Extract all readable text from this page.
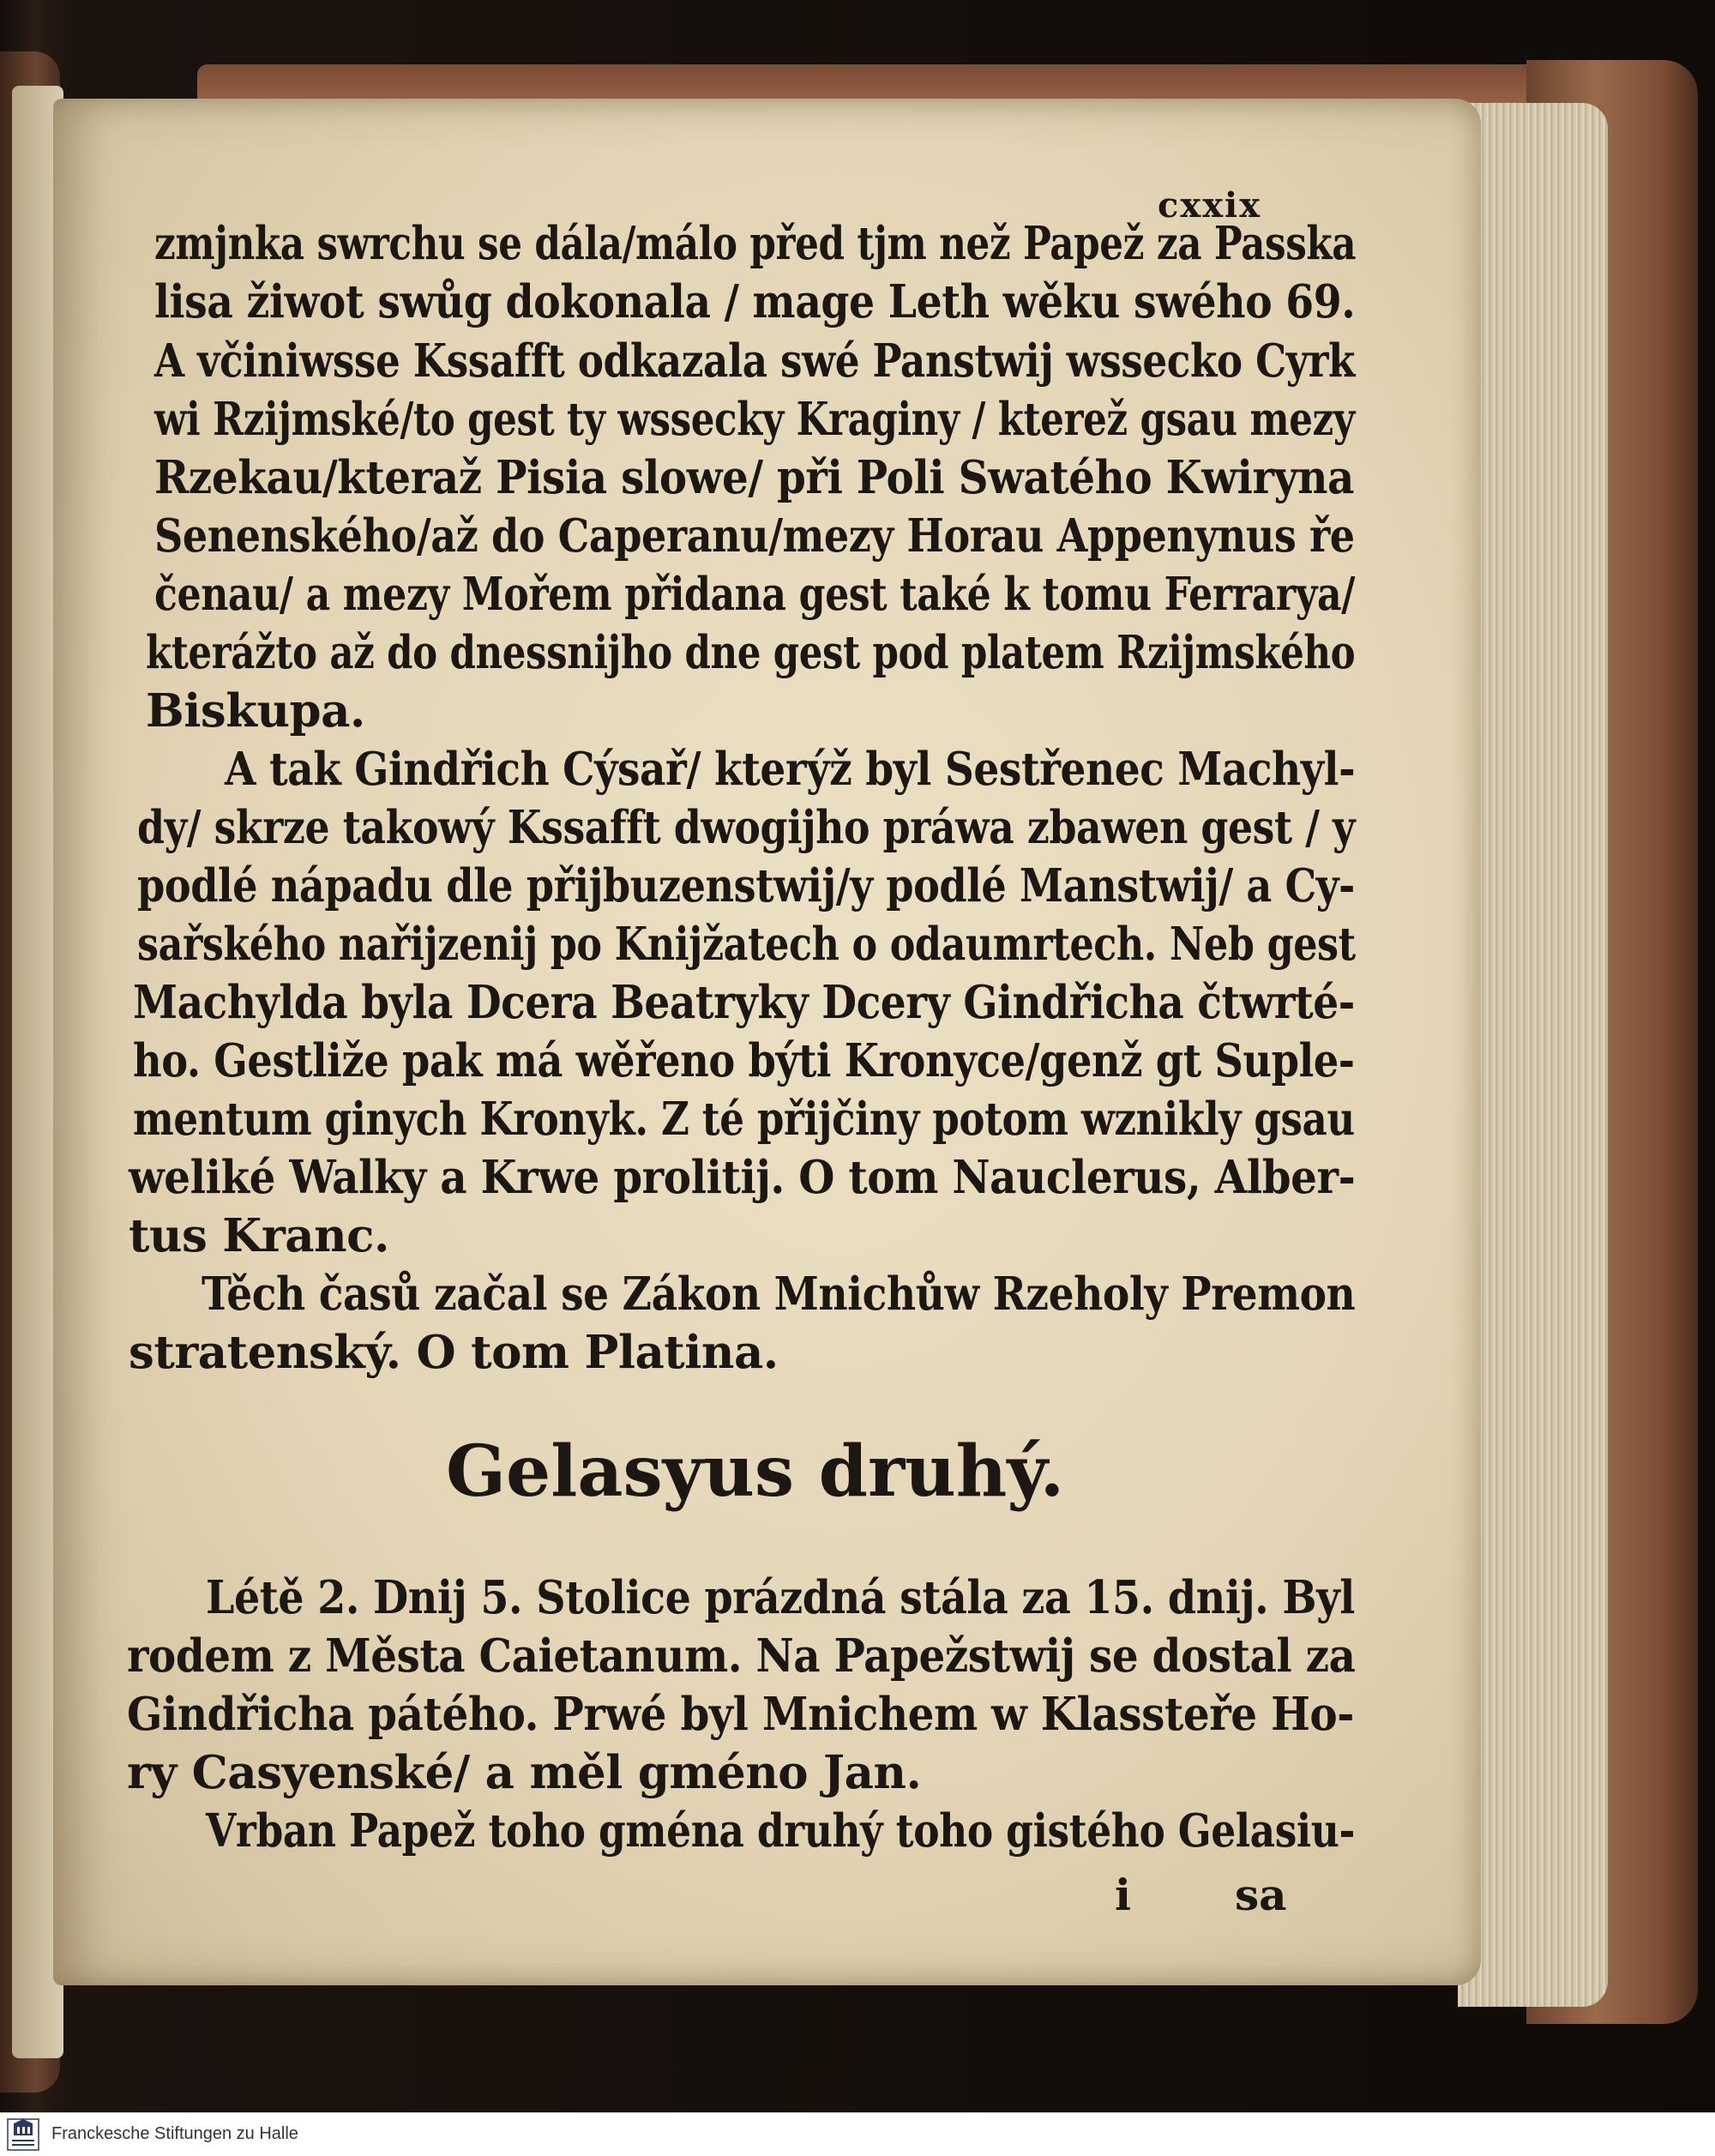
cxxix
zmjnka swrchu se dála/málo před tjm než Papež za Passka
lisa žiwot swůg dokonala / mage Leth wěku swého 69.
A včiniwsse Kssafft odkazala swé Panstwij wssecko Cyrk
wi Rzijmské/to gest ty wssecky Kraginy / kterež gsau mezy
Rzekau/kteraž Pisia slowe/ při Poli Swatého Kwiryna
Senenského/až do Caperanu/mezy Horau Appenynus ře
čenau/ a mezy Mořem přidana gest také k tomu Ferrarya/
kterážto až do dnessnijho dne gest pod platem Rzijmského
Biskupa.
A tak Gindřich Cýsař/ kterýž byl Sestřenec Machyl-
dy/ skrze takowý Kssafft dwogijho práwa zbawen gest / y
podlé nápadu dle přijbuzenstwij/y podlé Manstwij/ a Cy-
sařského nařijzenij po Knijžatech o odaumrtech. Neb gest
Machylda byla Dcera Beatryky Dcery Gindřicha čtwrté-
ho. Gestliže pak má wěřeno býti Kronyce/genž gt Suple-
mentum ginych Kronyk. Z té přijčiny potom wznikly gsau
weliké Walky a Krwe prolitij. O tom Nauclerus, Alber-
tus Kranc.
Těch časů začal se Zákon Mnichůw Rzeholy Premon
stratenský. O tom Platina.
Gelasyus druhý.
Létě 2. Dnij 5. Stolice prázdná stála za 15. dnij. Byl
rodem z Města Caietanum. Na Papežstwij se dostal za
Gindřicha pátého. Prwé byl Mnichem w Klassteře Ho-
ry Casyenské/ a měl gméno Jan.
Vrban Papež toho gména druhý toho gistého Gelasiu-
i sa
Franckesche Stiftungen zu Halle
